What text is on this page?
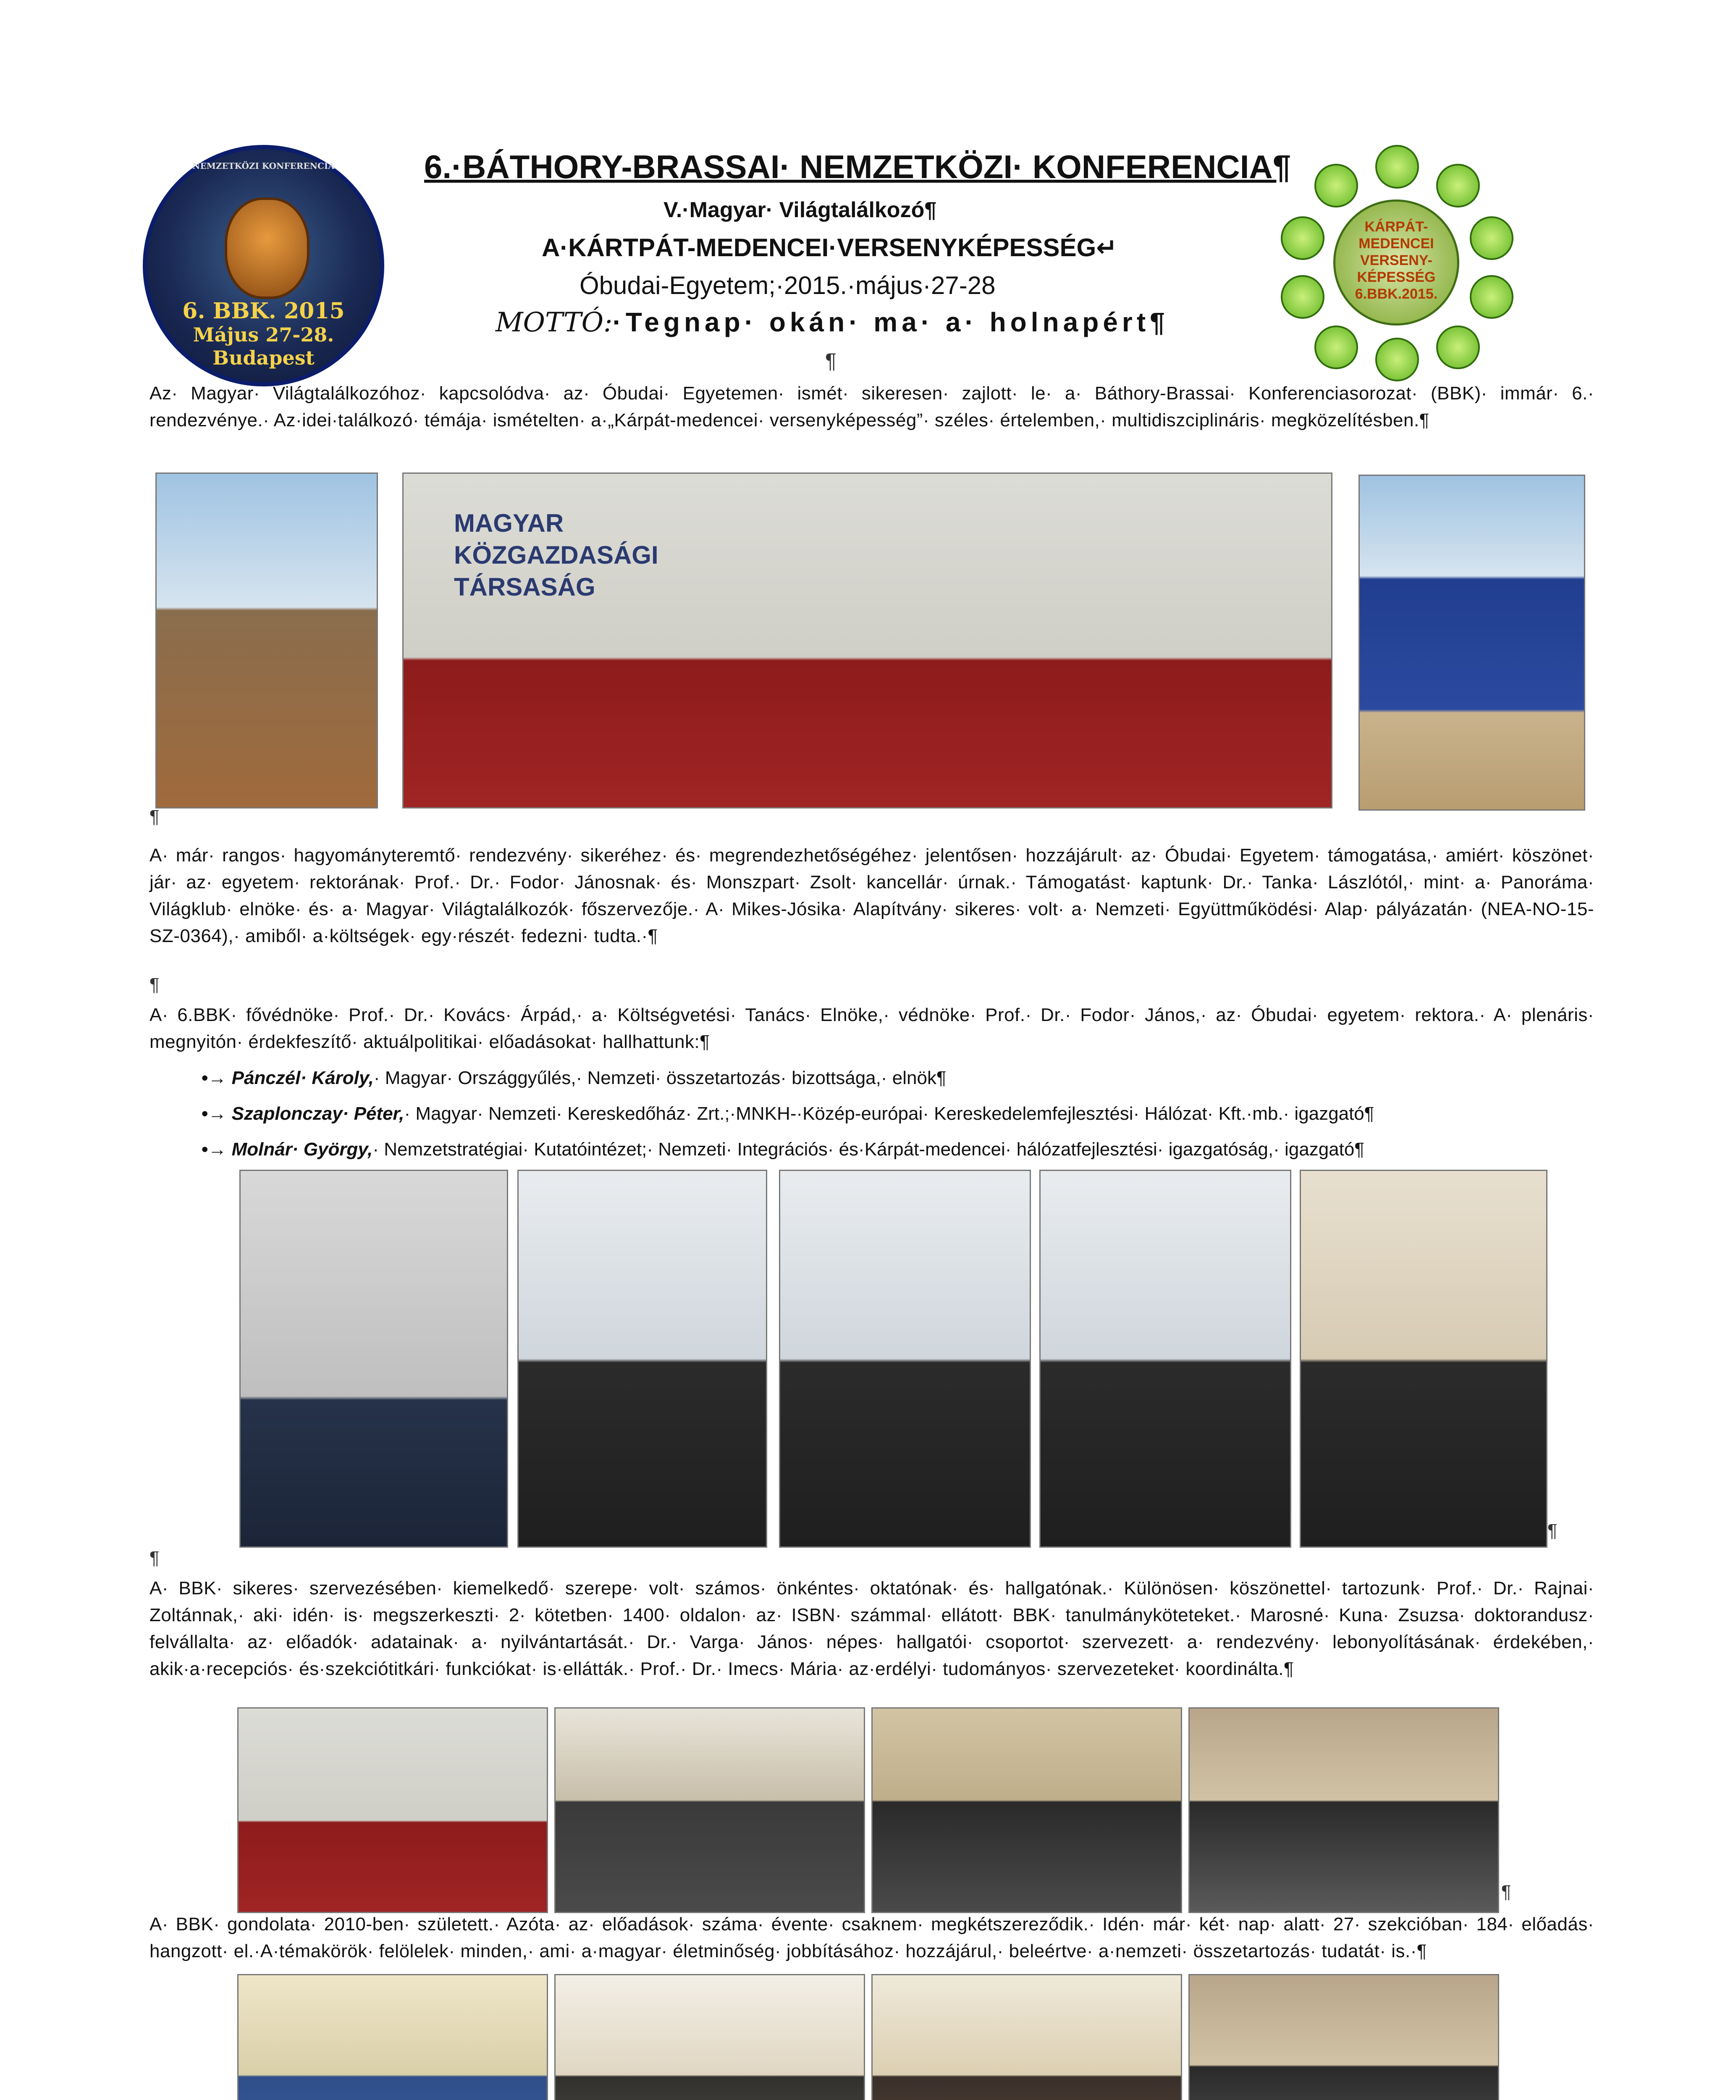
NEMZETKÖZI KONFERENCIA
6. BBK. 2015
Május 27-28.
Budapest
KÁRPÁT-
MEDENCEI
VERSENY-
KÉPESSÉG
6.BBK.2015.
6.·BÁTHORY-BRASSAI· NEMZETKÖZI· KONFERENCIA¶
V.·Magyar· Világtalálkozó¶
A·KÁRTPÁT-MEDENCEI·VERSENYKÉPESSÉG↵
Óbudai-Egyetem;·2015.·május·27-28
MOTTÓ:·Tegnap· okán· ma· a· holnapért¶
¶
Az· Magyar· Világtalálkozóhoz· kapcsolódva· az· Óbudai· Egyetemen· ismét· sikeresen· zajlott· le· a· Báthory-Brassai· Konferenciasorozat· (BBK)· immár· 6.· rendezvénye.· Az·idei·találkozó· témája· ismételten· a·„Kárpát-medencei· versenyképesség”· széles· értelemben,· multidiszciplináris· megközelítésben.¶
MAGYAR
KÖZGAZDASÁGI
TÁRSASÁG
¶
A· már· rangos· hagyományteremtő· rendezvény· sikeréhez· és· megrendezhetőségéhez· jelentősen· hozzájárult· az· Óbudai· Egyetem· támogatása,· amiért· köszönet· jár· az· egyetem· rektorának· Prof.· Dr.· Fodor· Jánosnak· és· Monszpart· Zsolt· kancellár· úrnak.· Támogatást· kaptunk· Dr.· Tanka· Lászlótól,· mint· a· Panoráma· Világklub· elnöke· és· a· Magyar· Világtalálkozók· főszervezője.· A· Mikes-Jósika· Alapítvány· sikeres· volt· a· Nemzeti· Együttműködési· Alap· pályázatán· (NEA-NO-15-SZ-0364),· amiből· a·költségek· egy·részét· fedezni· tudta.·¶
¶
A· 6.BBK· fővédnöke· Prof.· Dr.· Kovács· Árpád,· a· Költségvetési· Tanács· Elnöke,· védnöke· Prof.· Dr.· Fodor· János,· az· Óbudai· egyetem· rektora.· A· plenáris· megnyitón· érdekfeszítő· aktuálpolitikai· előadásokat· hallhattunk:¶
•→ Pánczél· Károly,· Magyar· Országgyűlés,· Nemzeti· összetartozás· bizottsága,· elnök¶
•→ Szaplonczay· Péter,· Magyar· Nemzeti· Kereskedőház· Zrt.;·MNKH-·Közép-európai· Kereskedelemfejlesztési· Hálózat· Kft.·mb.· igazgató¶
•→ Molnár· György,· Nemzetstratégiai· Kutatóintézet;· Nemzeti· Integrációs· és·Kárpát-medencei· hálózatfejlesztési· igazgatóság,· igazgató¶
¶
¶
A· BBK· sikeres· szervezésében· kiemelkedő· szerepe· volt· számos· önkéntes· oktatónak· és· hallgatónak.· Különösen· köszönettel· tartozunk· Prof.· Dr.· Rajnai· Zoltánnak,· aki· idén· is· megszerkeszti· 2· kötetben· 1400· oldalon· az· ISBN· számmal· ellátott· BBK· tanulmányköteteket.· Marosné· Kuna· Zsuzsa· doktorandusz· felvállalta· az· előadók· adatainak· a· nyilvántartását.· Dr.· Varga· János· népes· hallgatói· csoportot· szervezett· a· rendezvény· lebonyolításának· érdekében,· akik·a·recepciós· és·szekciótitkári· funkciókat· is·ellátták.· Prof.· Dr.· Imecs· Mária· az·erdélyi· tudományos· szervezeteket· koordinálta.¶
¶
A· BBK· gondolata· 2010-ben· született.· Azóta· az· előadások· száma· évente· csaknem· megkétszereződik.· Idén· már· két· nap· alatt· 27· szekcióban· 184· előadás· hangzott· el.·A·témakörök· felölelek· minden,· ami· a·magyar· életminőség· jobbításához· hozzájárul,· beleértve· a·nemzeti· összetartozás· tudatát· is.·¶
